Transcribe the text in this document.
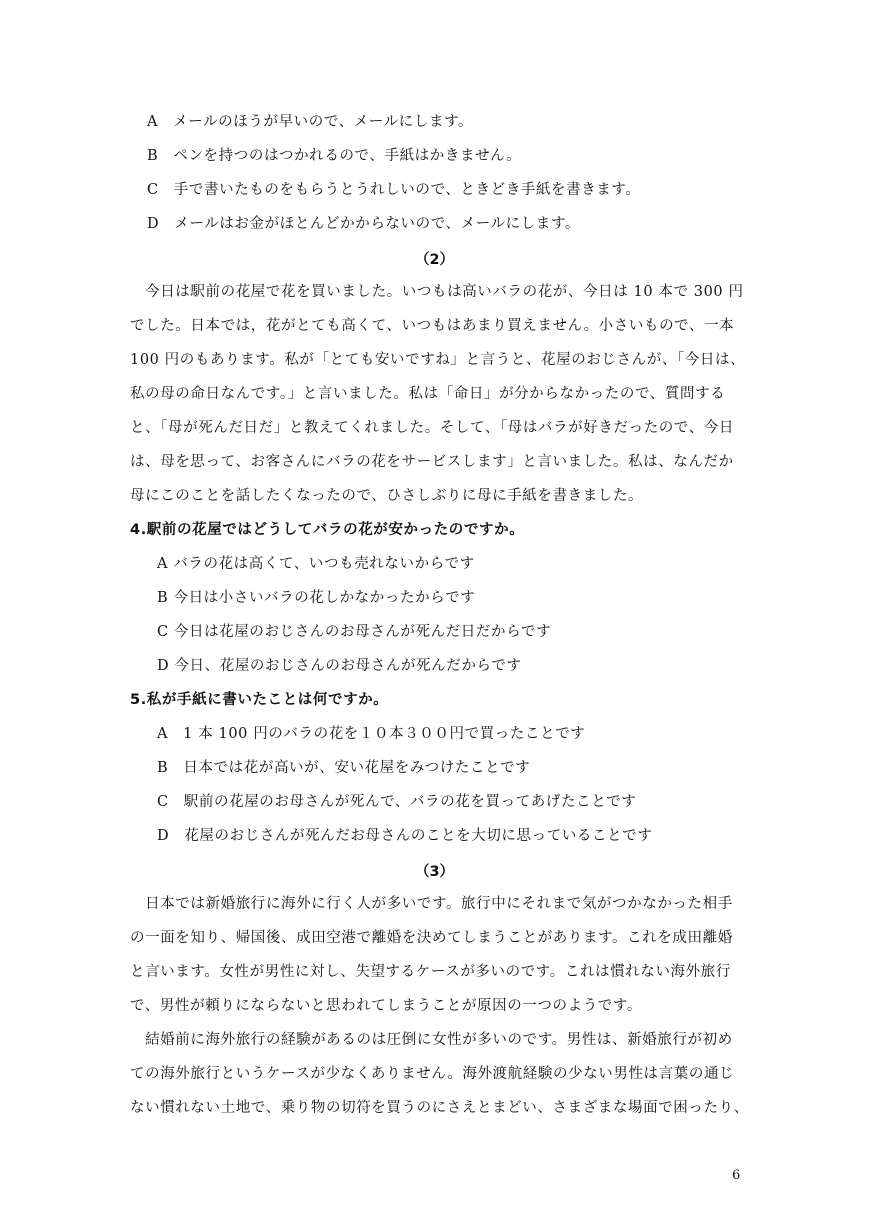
A　メールのほうが早いので、メールにします。
B　ペンを持つのはつかれるので、手紙はかきません。
C　手で書いたものをもらうとうれしいので、ときどき手紙を書きます。
D　メールはお金がほとんどかからないので、メールにします。
（2）
　今日は駅前の花屋で花を買いました。いつもは高いバラの花が、今日は 10 本で 300 円
でした。日本では，花がとても高くて、いつもはあまり買えません。小さいもので、一本
100 円のもあります。私が「とても安いですね」と言うと、花屋のおじさんが、「今日は、
私の母の命日なんです。」と言いました。私は「命日」が分からなかったので、質問する
と、「母が死んだ日だ」と教えてくれました。そして、「母はバラが好きだったので、今日
は、母を思って、お客さんにバラの花をサービスします」と言いました。私は、なんだか
母にこのことを話したくなったので、ひさしぶりに母に手紙を書きました。
4.駅前の花屋ではどうしてバラの花が安かったのですか。
A バラの花は高くて、いつも売れないからです
B 今日は小さいバラの花しかなかったからです
C 今日は花屋のおじさんのお母さんが死んだ日だからです
D 今日、花屋のおじさんのお母さんが死んだからです
5.私が手紙に書いたことは何ですか。
A　1 本 100 円のバラの花を１０本３００円で買ったことです
B　日本では花が高いが、安い花屋をみつけたことです
C　駅前の花屋のお母さんが死んで、バラの花を買ってあげたことです
D　花屋のおじさんが死んだお母さんのことを大切に思っていることです
（3）
　日本では新婚旅行に海外に行く人が多いです。旅行中にそれまで気がつかなかった相手
の一面を知り、帰国後、成田空港で離婚を決めてしまうことがあります。これを成田離婚
と言います。女性が男性に対し、失望するケースが多いのです。これは慣れない海外旅行
で、男性が頼りにならないと思われてしまうことが原因の一つのようです。
　結婚前に海外旅行の経験があるのは圧倒に女性が多いのです。男性は、新婚旅行が初め
ての海外旅行というケースが少なくありません。海外渡航経験の少ない男性は言葉の通じ
ない慣れない土地で、乗り物の切符を買うのにさえとまどい、さまざまな場面で困ったり、
6
